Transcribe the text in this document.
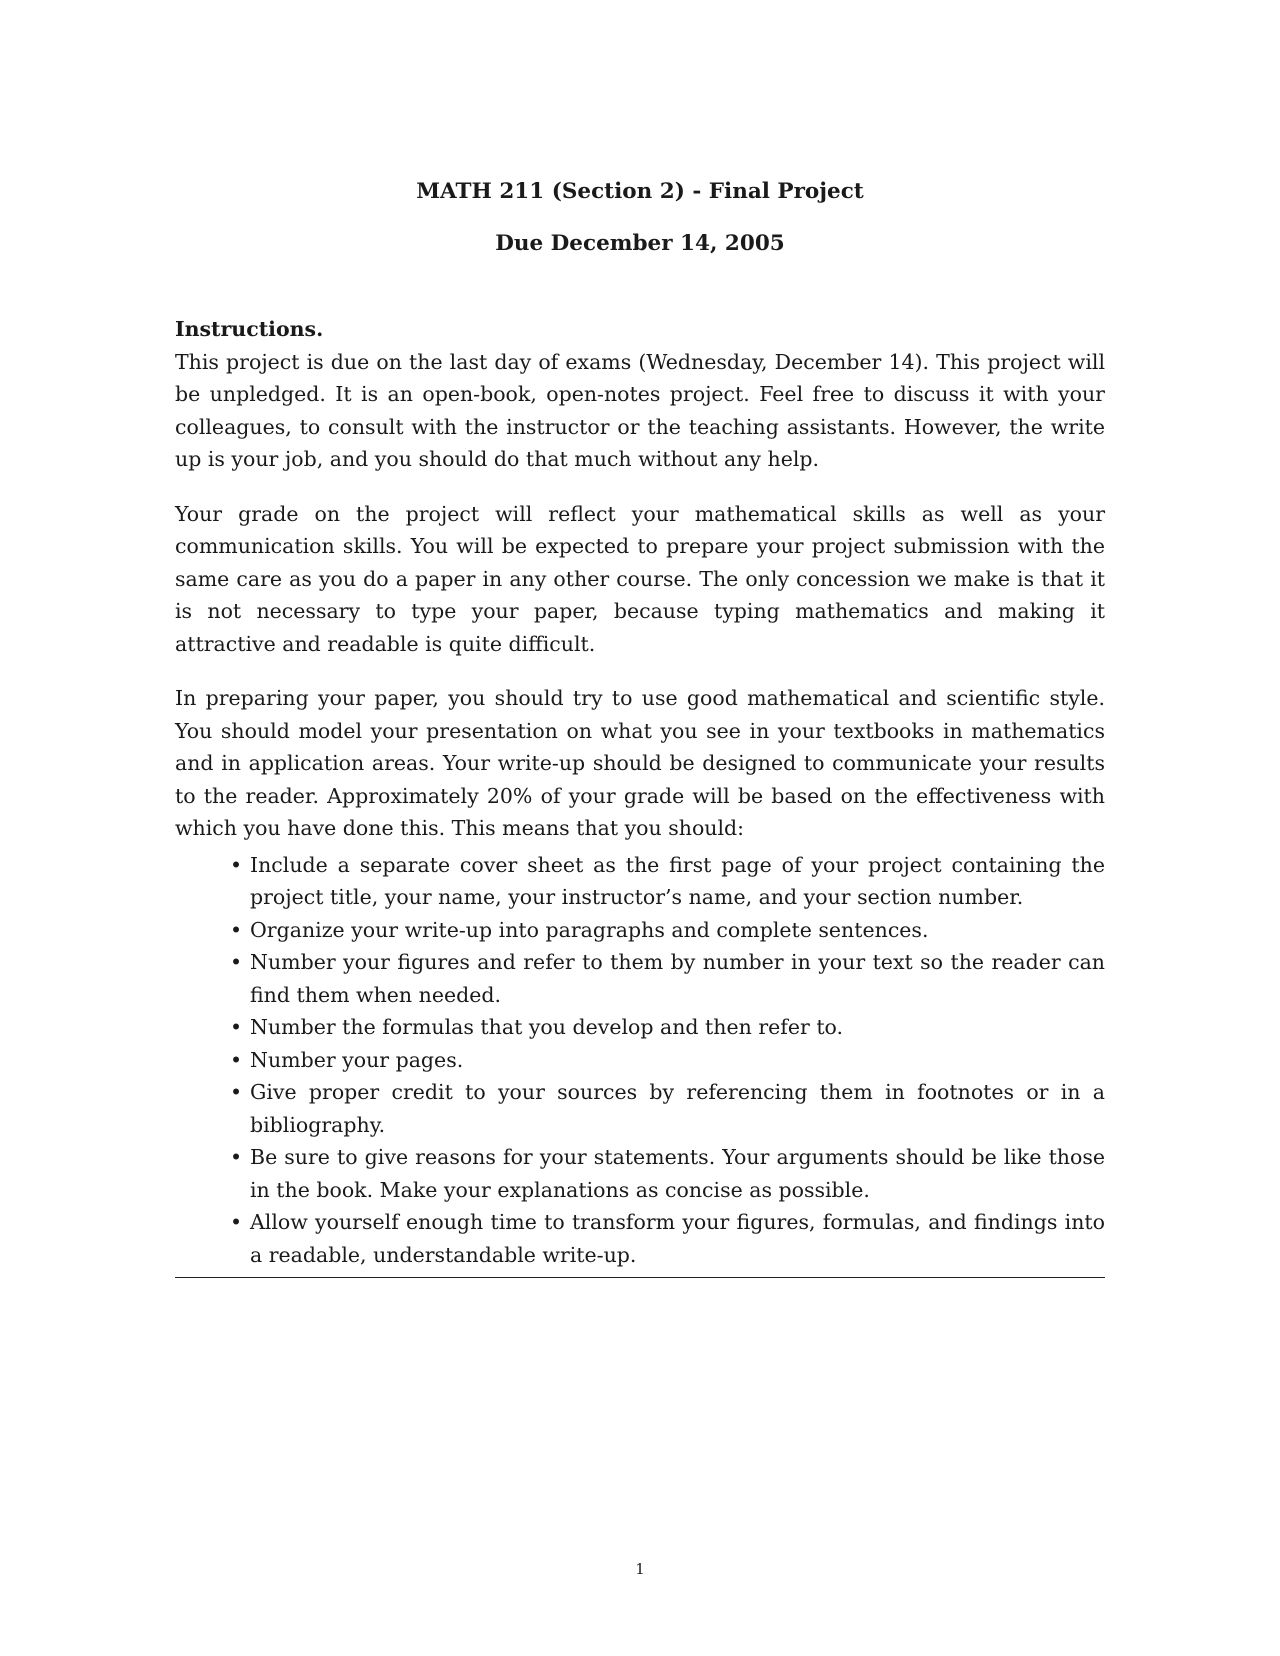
MATH 211 (Section 2) - Final Project
Due December 14, 2005

Instructions.

This project is due on the last day of exams (Wednesday, December 14). This project will be unpledged. It is an open-book, open-notes project. Feel free to discuss it with your colleagues, to consult with the instructor or the teaching assistants. However, the write up is your job, and you should do that much without any help.

Your grade on the project will reflect your mathematical skills as well as your communication skills. You will be expected to prepare your project submission with the same care as you do a paper in any other course. The only concession we make is that it is not necessary to type your paper, because typing mathematics and making it attractive and readable is quite difficult.

In preparing your paper, you should try to use good mathematical and scientific style. You should model your presentation on what you see in your textbooks in mathematics and in application areas. Your write-up should be designed to communicate your results to the reader. Approximately 20% of your grade will be based on the effectiveness with which you have done this. This means that you should:

• Include a separate cover sheet as the first page of your project containing the project title, your name, your instructor’s name, and your section number.
• Organize your write-up into paragraphs and complete sentences.
• Number your figures and refer to them by number in your text so the reader can find them when needed.
• Number the formulas that you develop and then refer to.
• Number your pages.
• Give proper credit to your sources by referencing them in footnotes or in a bibliography.
• Be sure to give reasons for your statements. Your arguments should be like those in the book. Make your explanations as concise as possible.
• Allow yourself enough time to transform your figures, formulas, and findings into a readable, understandable write-up.
1
